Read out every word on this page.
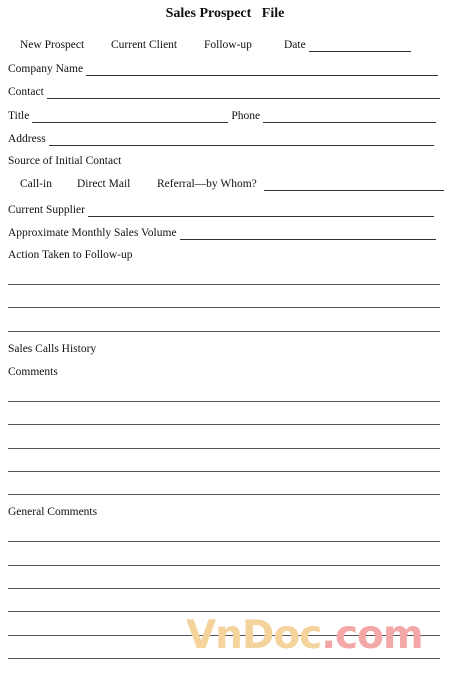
Sales Prospect   File
New Prospect Current Client Follow-up	Date
Company Name
Contact
Title	Phone
Address
Source of Initial Contact
Call-in Direct Mail Referral—by Whom?
Current Supplier
Approximate Monthly Sales Volume
Action Taken to Follow-up
Sales Calls History
Comments
General Comments
VnDoc.com
